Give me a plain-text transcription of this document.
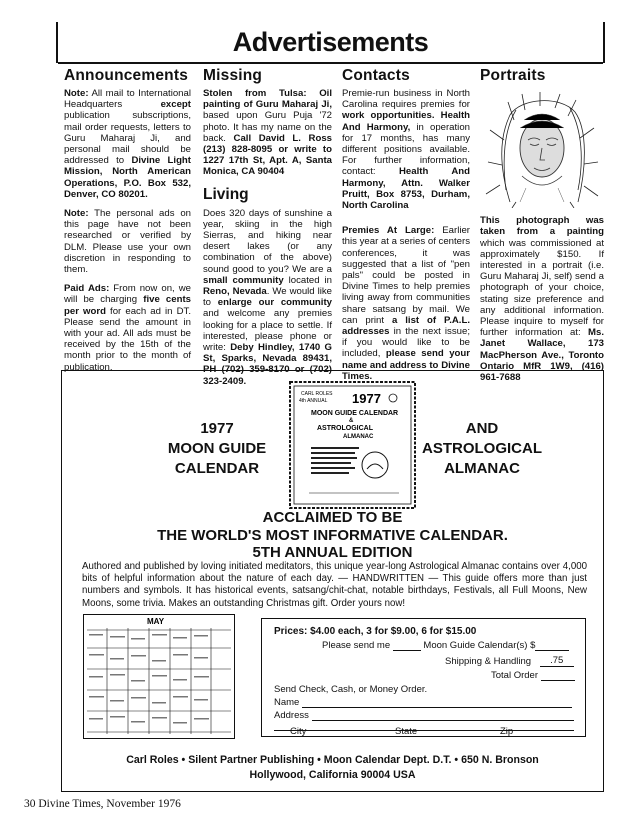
Advertisements
Announcements

Note: All mail to International Headquarters except publication subscriptions, mail order requests, letters to Guru Maharaj Ji, and personal mail should be addressed to Divine Light Mission, North American Operations, P.O. Box 532, Denver, CO 80201.

Note: The personal ads on this page have not been researched or verified by DLM. Please use your own discretion in responding to them.

Paid Ads: From now on, we will be charging five cents per word for each ad in DT. Please send the amount in with your ad. All ads must be received by the 15th of the month prior to the month of publication.

Missing

Stolen from Tulsa: Oil painting of Guru Maharaj Ji, based upon Guru Puja '72 photo. It has my name on the back. Call David L. Ross (213) 828-8095 or write to 1227 17th St, Apt. A, Santa Monica, CA 90404

Living

Does 320 days of sunshine a year, skiing in the high Sierras, and hiking near desert lakes (or any combination of the above) sound good to you? We are a small community located in Reno, Nevada. We would like to enlarge our community and welcome any premies looking for a place to settle. If interested, please phone or write: Deby Hindley, 1740 G St, Sparks, Nevada 89431, PH (702) 359-8170 or (702) 323-2409.

Contacts

Premie-run business in North Carolina requires premies for work opportunities. Health And Harmony, in operation for 17 months, has many different positions available. For further information, contact: Health And Harmony, Attn. Walker Pruitt, Box 8753, Durham, North Carolina

Premies At Large: Earlier this year at a series of centers conferences, it was suggested that a list of "pen pals" could be posted in Divine Times to help premies living away from communities share satsang by mail. We can print a list of P.A.L. addresses in the next issue; if you would like to be included, please send your name and address to Divine Times.

Portraits

This photograph was taken from a painting which was commissioned at approximately $150. If interested in a portrait (i.e. Guru Maharaj Ji, self) send a photograph of your choice, stating size preference and any additional information. Please inquire to myself for further information at: Ms. Janet Wallace, 173 MacPherson Ave., Toronto Ontario MfR 1W9, (416) 961-7688

1977
MOON GUIDE
CALENDAR
AND
ASTROLOGICAL
ALMANAC
CARL ROLES
4th ANNUAL 1977
MOON GUIDE CALENDAR
&
ASTROLOGICAL
ALMANAC
ACCLAIMED TO BE
THE WORLD'S MOST INFORMATIVE CALENDAR.
5TH ANNUAL EDITION
Authored and published by loving initiated meditators, this unique year-long Astrological Almanac contains over 4,000 bits of helpful information about the nature of each day. — HANDWRITTEN — This guide offers more than just numbers and symbols. It has historical events, satsang/chit-chat, notable birthdays, Festivals, all Full Moons, New Moons, some trivia. Makes an outstanding Christmas gift. Order yours now!
MAY
Prices: $4.00 each, 3 for $9.00, 6 for $15.00
Please send me	Moon Guide Calendar(s) $
Shipping & Handling .75
Total Order
Send Check, Cash, or Money Order.
Name
Address
City	State	Zip
Carl Roles • Silent Partner Publishing • Moon Calendar Dept. D.T. • 650 N. Bronson
Hollywood, California 90004 USA
30 Divine Times, November 1976
